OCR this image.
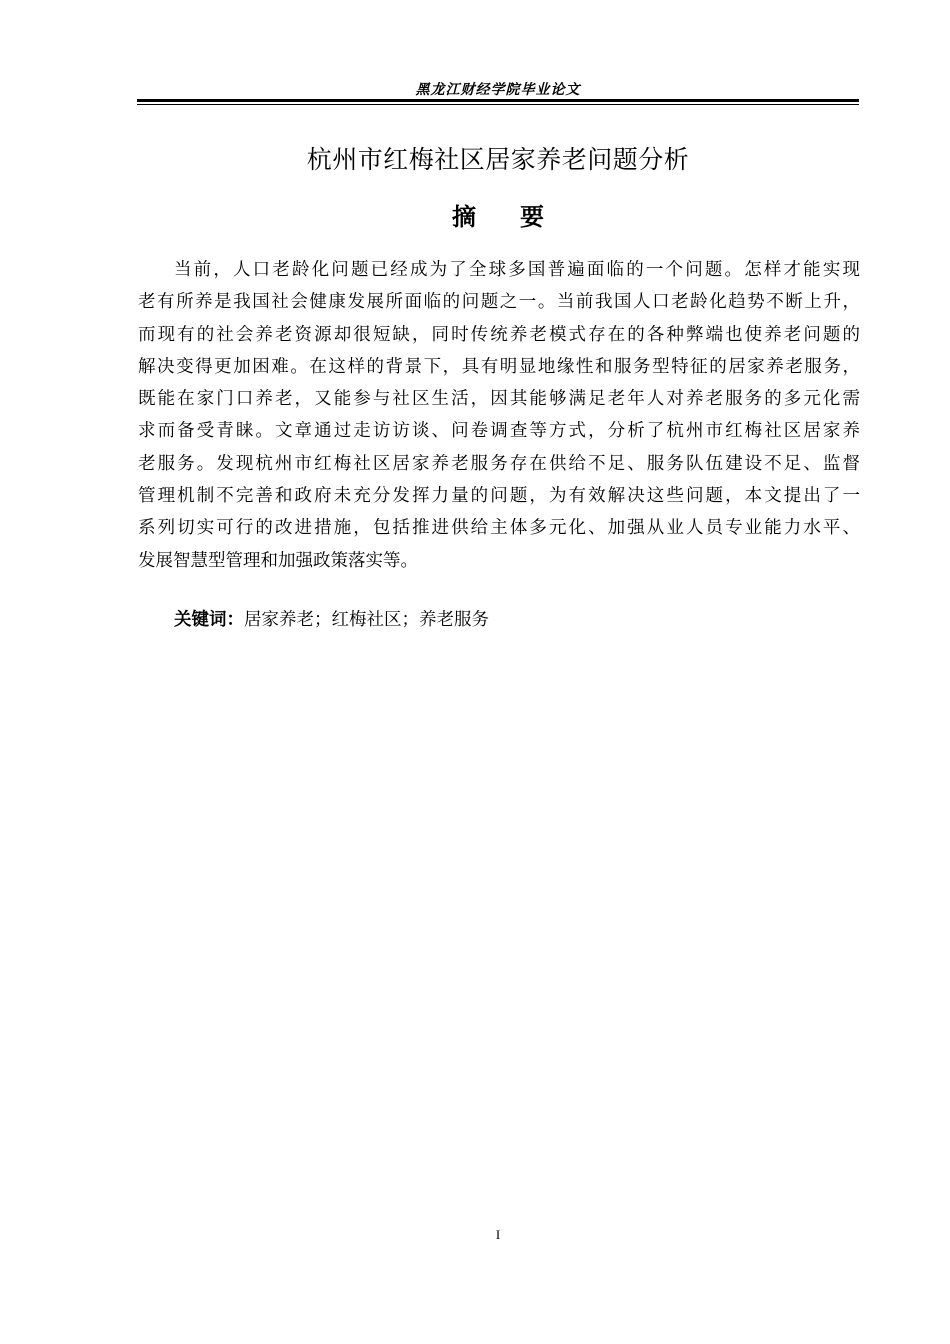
黑龙江财经学院毕业论文
杭州市红梅社区居家养老问题分析
摘要
当前，人口老龄化问题已经成为了全球多国普遍面临的一个问题。怎样才能实现
老有所养是我国社会健康发展所面临的问题之一。当前我国人口老龄化趋势不断上升，
而现有的社会养老资源却很短缺，同时传统养老模式存在的各种弊端也使养老问题的
解决变得更加困难。在这样的背景下，具有明显地缘性和服务型特征的居家养老服务，
既能在家门口养老，又能参与社区生活，因其能够满足老年人对养老服务的多元化需
求而备受青睐。文章通过走访访谈、问卷调查等方式，分析了杭州市红梅社区居家养
老服务。发现杭州市红梅社区居家养老服务存在供给不足、服务队伍建设不足、监督
管理机制不完善和政府未充分发挥力量的问题，为有效解决这些问题，本文提出了一
系列切实可行的改进措施，包括推进供给主体多元化、加强从业人员专业能力水平、
发展智慧型管理和加强政策落实等。
关键词：居家养老；红梅社区；养老服务
I
